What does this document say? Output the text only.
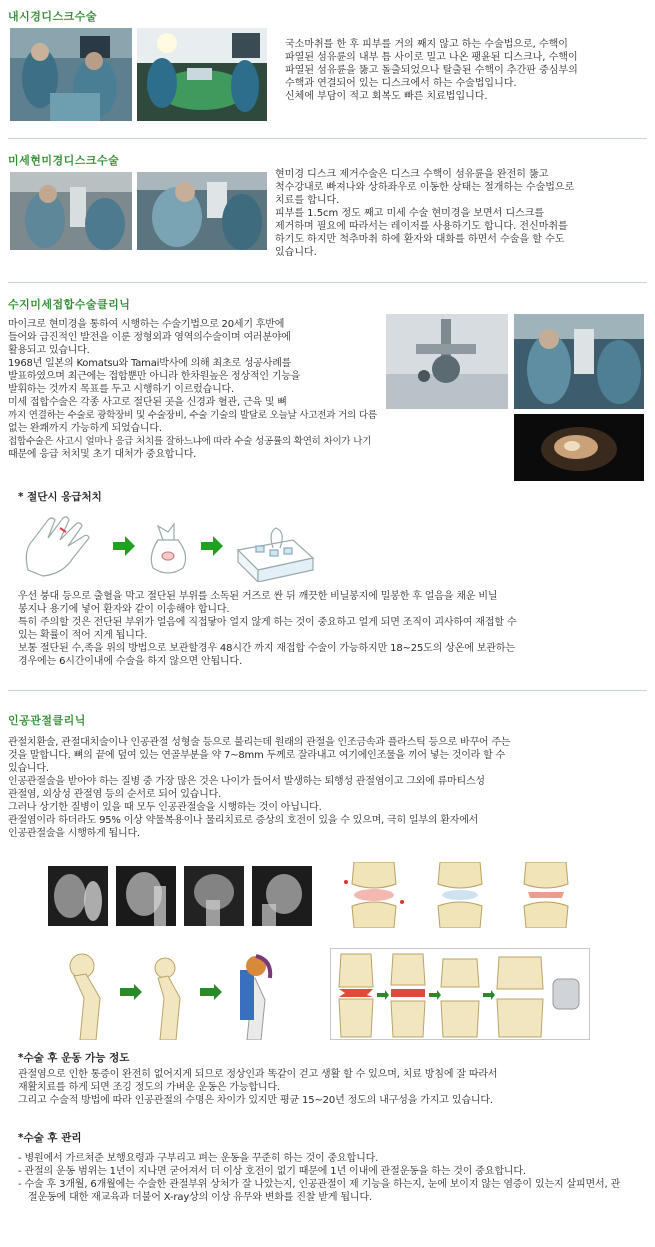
내시경디스크수술
국소마취를 한 후 피부를 거의 째지 않고 하는 수술법으로, 수핵이
파열된 섬유륜의 내부 틈 사이로 밀고 나온 팽윤된 디스크나, 수핵이
파열된 섬유륜을 뚫고 돌출되었으나 탈출된 수핵이 추간판 중심부의
수핵과 연결되어 있는 디스크에서 하는 수술법입니다.
신체에 부담이 적고 회복도 빠른 치료법입니다.
미세현미경디스크수술
현미경 디스크 제거수술은 디스크 수핵이 섬유륜을 완전히 뚫고
척수강내로 빠져나와 상하좌우로 이동한 상태는 절개하는 수술법으로
치료를 합니다.
피부를 1.5cm 정도 째고 미세 수술 현미경을 보면서 디스크를
제거하며 필요에 따라서는 레이저를 사용하기도 합니다. 전신마취를
하기도 하지만 척추마취 하에 환자와 대화를 하면서 수술을 할 수도
있습니다.
수지미세접합수술클리닉
마이크로 현미경을 통하여 시행하는 수술기법으로 20세기 후반에
들어와 급진적인 발전을 이룬 정형외과 영역의수술이며 여러분야에
활용되고 있습니다.
1968년 일본의 Komatsu와 Tamai박사에 의해 최초로 성공사례를
발표하였으며 최근에는 접합뿐만 아니라 한차원높은 정상적인 기능을
발휘하는 것까지 목표를 두고 시행하기 이르렀습니다.
미세 접합수술은 각종 사고로 절단된 곳을 신경과 혈관, 근육 및 뼈
까지 연결하는 수술로 광학장비 및 수술장비, 수술 기술의 발달로 오늘날 사고전과 거의 다름
없는 완쾌까지 가능하게 되었습니다.
접합수술은 사고시 얼마나 응급 처치를 잘하느냐에 따라 수술 성공률의 확연히 차이가 나기
때문에 응급 처치및 초기 대처가 중요합니다.
* 절단시 응급처치
우선 붕대 등으로 출혈을 막고 절단된 부위를 소독된 거즈로 싼 뒤 깨끗한 비닐봉지에 밀봉한 후 얼음을 채운 비닐
봉지나 용기에 넣어 환자와 같이 이송해야 합니다.
특히 주의할 것은 전단된 부위가 얼음에 직접닿아 얼지 않게 하는 것이 중요하고 얼게 되면 조직이 괴사하여 재접할 수
있는 확률이 적어 지게 됩니다.
보통 절단된 수,족을 위의 방법으로 보관할경우 48시간 까지 재접합 수술이 가능하지만 18~25도의 상온에 보관하는
경우에는 6시간이내에 수술을 하지 않으면 안됩니다.
인공관절클리닉
관절치환술, 관절대치술이나 인공관절 성형술 등으로 불리는데 원래의 관절을 인조금속과 플라스틱 등으로 바꾸어 주는
것을 말합니다. 뼈의 끝에 덮여 있는 연골부분을 약 7~8mm 두께로 잘라내고 여기에인조물을 끼어 넣는 것이라 할 수
있습니다.
인공관절술을 받아야 하는 질병 중 가장 많은 것은 나이가 들어서 발생하는 퇴행성 관절염이고 그외에 류마티스성
관절염, 외상성 관절염 등의 순서로 되어 있습니다.
그러나 상기한 질병이 있을 때 모두 인공관절술을 시행하는 것이 아닙니다.
관절염이라 하더라도 95% 이상 약물복용이나 물리치료로 증상의 호전이 있을 수 있으며, 극히 일부의 환자에서
인공관절술을 시행하게 됩니다.
*수술 후 운동 가능 정도
관절염으로 인한 통증이 완전히 없어지게 되므로 정상인과 똑같이 걷고 생활 할 수 있으며, 치료 방침에 잘 따라서
재활치료를 하게 되면 조깅 정도의 가벼운 운동은 가능합니다.
그리고 수술적 방법에 따라 인공관절의 수명은 차이가 있지만 평균 15~20년 정도의 내구성을 가지고 있습니다.
*수술 후 관리
- 병원에서 가르쳐준 보행요령과 구부리고 펴는 운동을 꾸준히 하는 것이 중요합니다.
- 관절의 운동 범위는 1년이 지나면 굳어져서 더 이상 호전이 없기 때문에 1년 이내에 관절운동을 하는 것이 중요합니다.
- 수술 후 3개월, 6개월에는 수술한 관절부위 상처가 잘 나았는지, 인공관절이 제 기능을 하는지, 눈에 보이지 않는 염증이 있는지 살피면서, 관절운동에 대한 재교육과 더불어 X-ray상의 이상 유무와 변화를 진찰 받게 됩니다.
